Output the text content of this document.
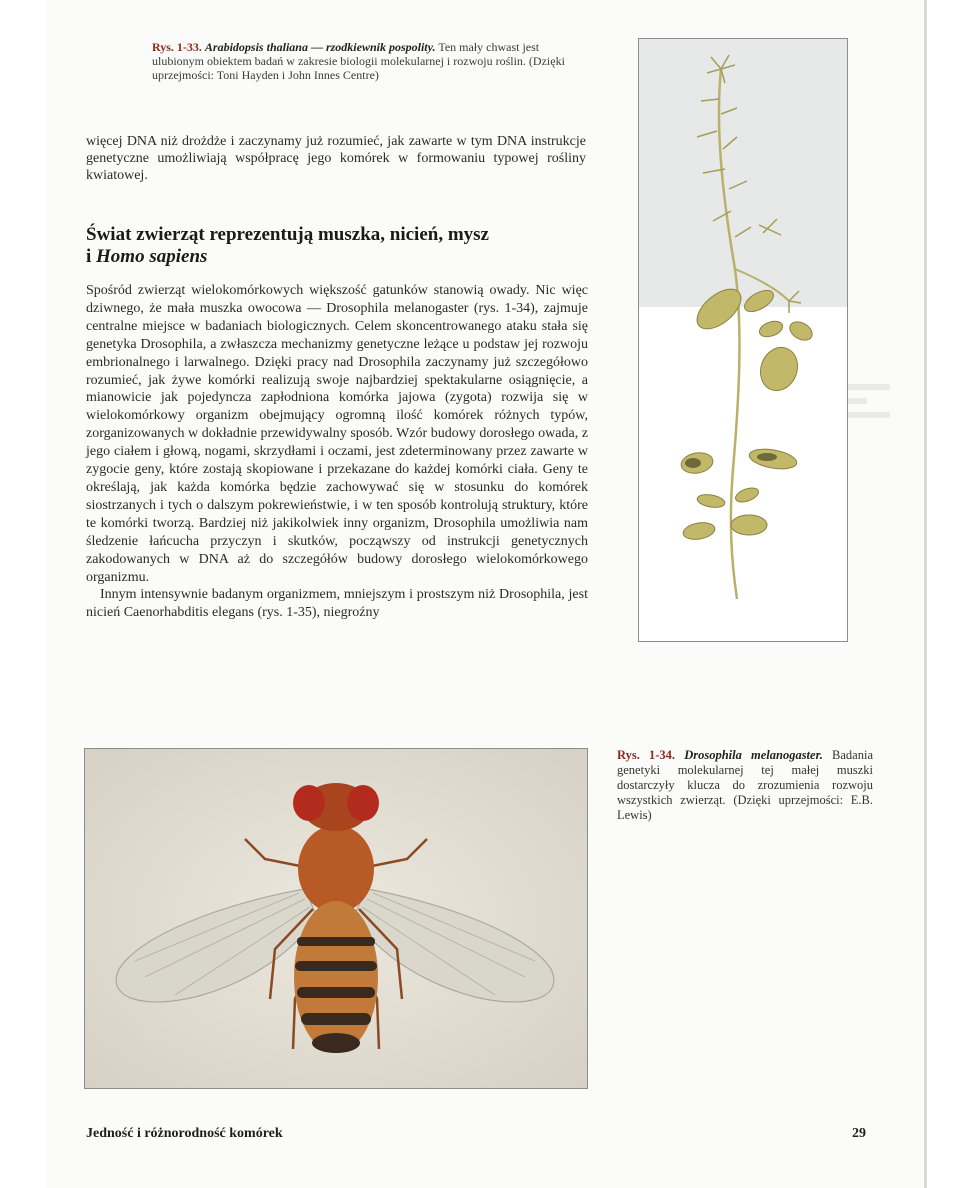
Rys. 1-33. Arabidopsis thaliana — rzodkiewnik pospolity. Ten mały chwast jest ulubionym obiektem badań w zakresie biologii molekularnej i rozwoju roślin. (Dzięki uprzejmości: Toni Hayden i John Innes Centre)
więcej DNA niż drożdże i zaczynamy już rozumieć, jak zawarte w tym DNA instrukcje genetyczne umożliwiają współpracę jego komórek w formowaniu typowej rośliny kwiatowej.
Świat zwierząt reprezentują muszka, nicień, mysz
i Homo sapiens

Spośród zwierząt wielokomórkowych większość gatunków stanowią owady. Nic więc dziwnego, że mała muszka owocowa — Drosophila melanogaster (rys. 1-34), zajmuje centralne miejsce w badaniach biologicznych. Celem skoncentrowanego ataku stała się genetyka Drosophila, a zwłaszcza mechanizmy genetyczne leżące u podstaw jej rozwoju embrionalnego i larwalnego. Dzięki pracy nad Drosophila zaczynamy już szczegółowo rozumieć, jak żywe komórki realizują swoje najbardziej spektakularne osiągnięcie, a mianowicie jak pojedyncza zapłodniona komórka jajowa (zygota) rozwija się w wielokomórkowy organizm obejmujący ogromną ilość komórek różnych typów, zorganizowanych w dokładnie przewidywalny sposób. Wzór budowy dorosłego owada, z jego ciałem i głową, nogami, skrzydłami i oczami, jest zdeterminowany przez zawarte w zygocie geny, które zostają skopiowane i przekazane do każdej komórki ciała. Geny te określają, jak każda komórka będzie zachowywać się w stosunku do komórek siostrzanych i tych o dalszym pokrewieństwie, i w ten sposób kontrolują struktury, które te komórki tworzą. Bardziej niż jakikolwiek inny organizm, Drosophila umożliwia nam śledzenie łańcucha przyczyn i skutków, począwszy od instrukcji genetycznych zakodowanych w DNA aż do szczegółów budowy dorosłego wielokomórkowego organizmu.

Innym intensywnie badanym organizmem, mniejszym i prostszym niż Drosophila, jest nicień Caenorhabditis elegans (rys. 1-35), niegroźny

Rys. 1-34. Drosophila melanogaster. Badania genetyki molekularnej tej małej muszki dostarczyły klucza do zrozumienia rozwoju wszystkich zwierząt. (Dzięki uprzejmości: E.B. Lewis)
Jedność i różnorodność komórek	29
